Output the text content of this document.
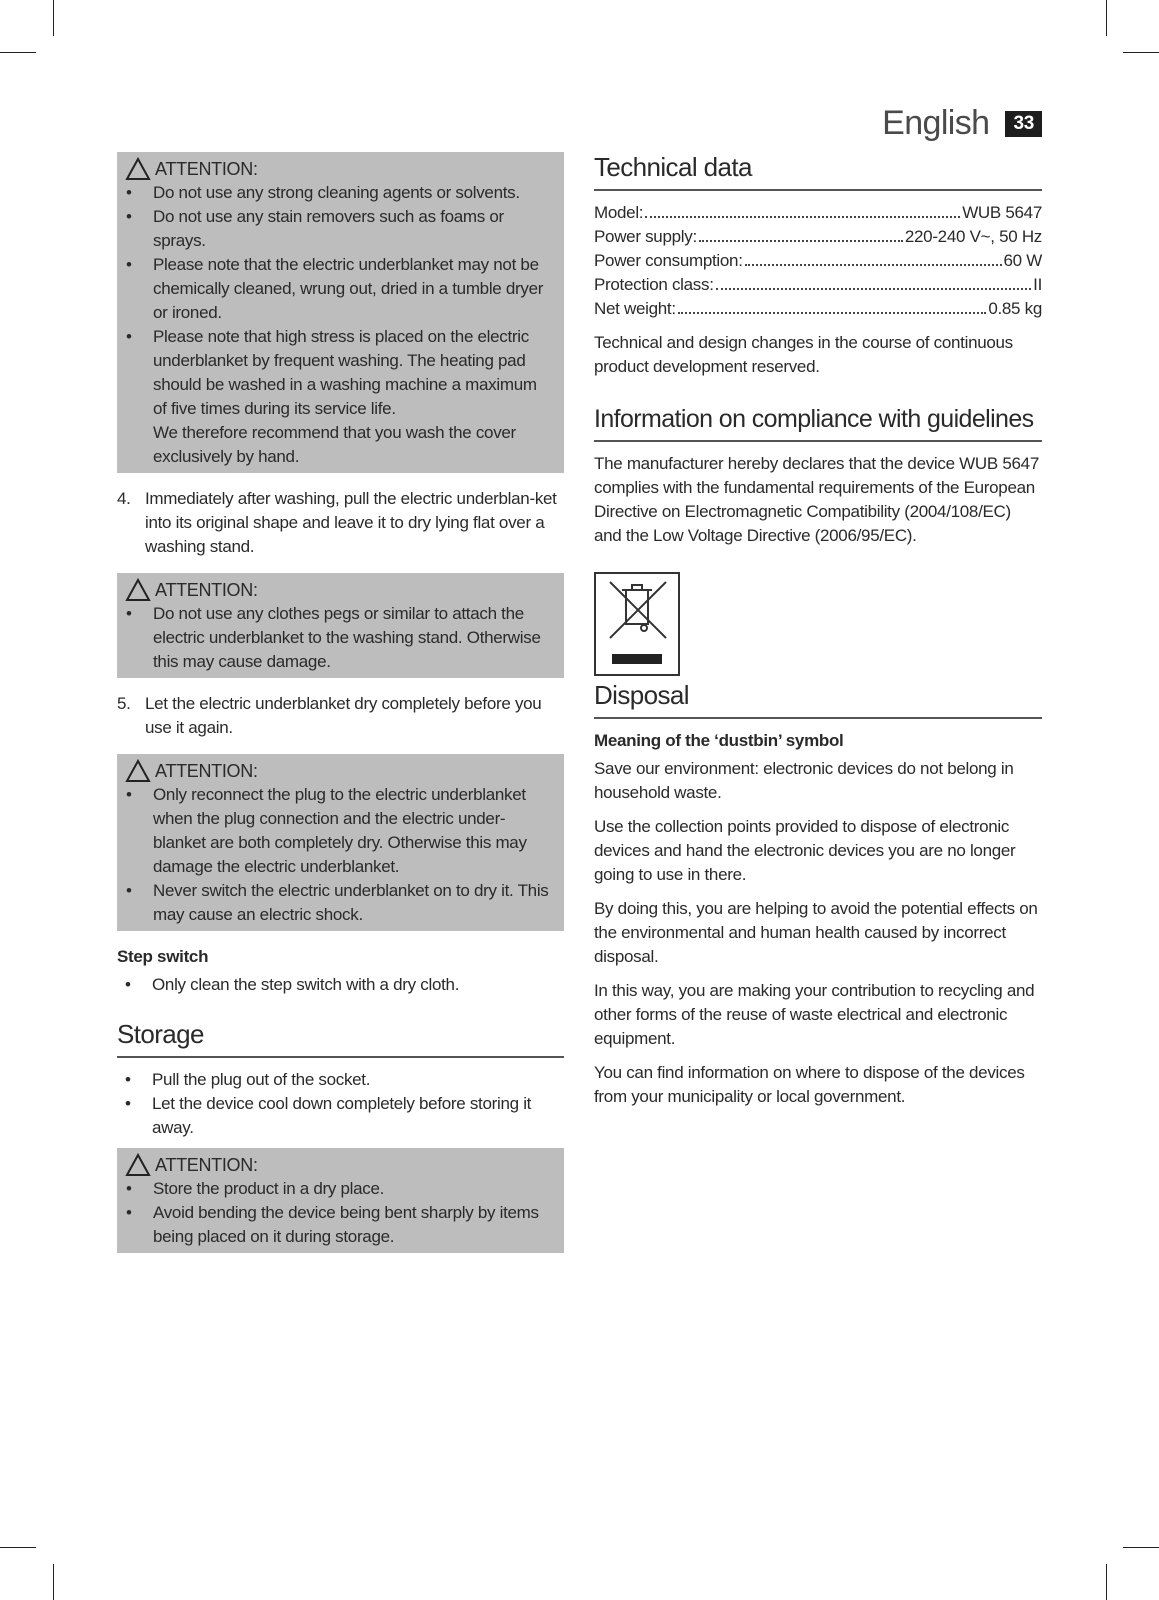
English	33
ATTENTION:
• Do not use any strong cleaning agents or solvents.
• Do not use any stain removers such as foams or sprays.
• Please note that the electric underblanket may not be chemically cleaned, wrung out, dried in a tumble dryer or ironed.
• Please note that high stress is placed on the electric underblanket by frequent washing. The heating pad should be washed in a washing machine a maximum of five times during its service life.

We therefore recommend that you wash the cover exclusively by hand.

4. Immediately after washing, pull the electric underblan-ket into its original shape and leave it to dry lying flat over a washing stand.
ATTENTION:
• Do not use any clothes pegs or similar to attach the electric underblanket to the washing stand. Otherwise this may cause damage.
5. Let the electric underblanket dry completely before you use it again.
ATTENTION:
• Only reconnect the plug to the electric underblanket when the plug connection and the electric under-blanket are both completely dry. Otherwise this may damage the electric underblanket.
• Never switch the electric underblanket on to dry it. This may cause an electric shock.
Step switch
• Only clean the step switch with a dry cloth.
Storage
• Pull the plug out of the socket.
• Let the device cool down completely before storing it away.
ATTENTION:
• Store the product in a dry place.
• Avoid bending the device being bent sharply by items being placed on it during storage.
Technical data
Model:	WUB 5647
Power supply:	220-240 V~, 50 Hz
Power consumption:	60 W
Protection class:	II
Net weight:	0.85 kg

Technical and design changes in the course of continuous product development reserved.

Information on compliance with guidelines

The manufacturer hereby declares that the device WUB 5647 complies with the fundamental requirements of the European Directive on Electromagnetic Compatibility (2004/108/EC) and the Low Voltage Directive (2006/95/EC).

Disposal
Meaning of the ‘dustbin’ symbol

Save our environment: electronic devices do not belong in household waste.

Use the collection points provided to dispose of electronic devices and hand the electronic devices you are no longer going to use in there.

By doing this, you are helping to avoid the potential effects on the environmental and human health caused by incorrect disposal.

In this way, you are making your contribution to recycling and other forms of the reuse of waste electrical and electronic equipment.

You can find information on where to dispose of the devices from your municipality or local government.
